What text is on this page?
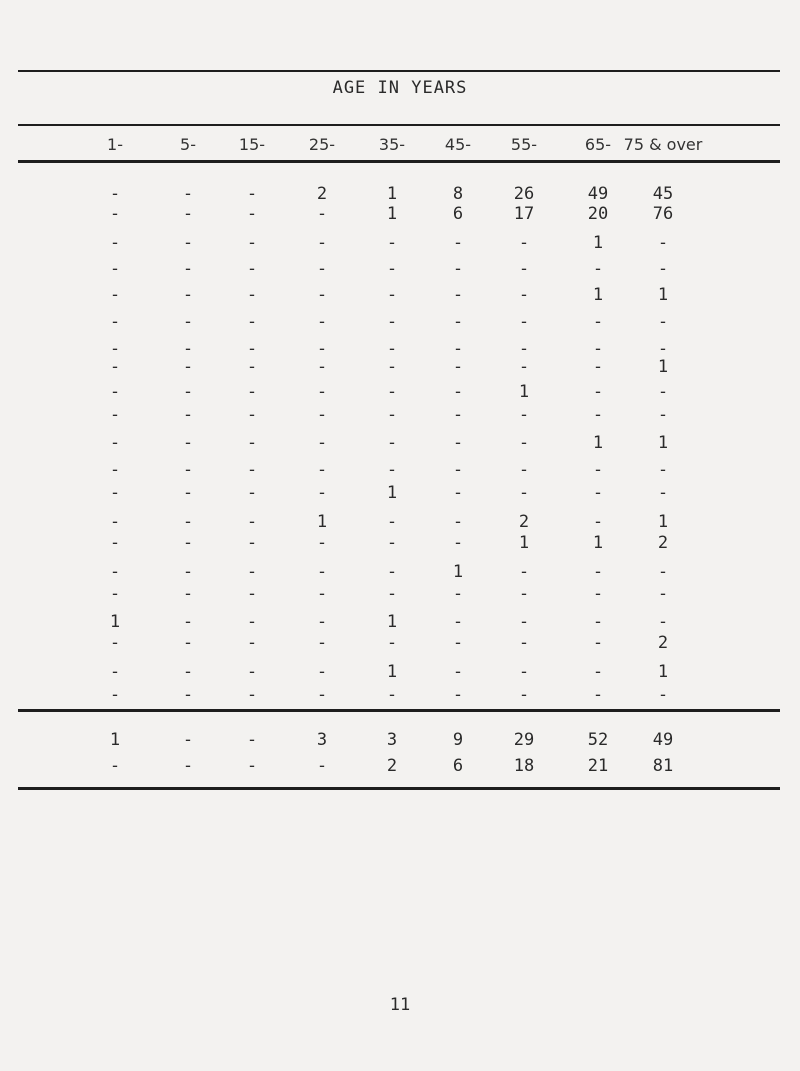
AGE IN YEARS
1-	5-	15-	25-	35-	45-	55-	65- 75 & over
-	-	-	2	1	8	26	49	45
-	-	-	-	1	6	17	20	76
-	-	-	-	-	-	-	1	-
-	-	-	-	-	-	-	-	-
-	-	-	-	-	-	-	1	1
-	-	-	-	-	-	-	-	-
-	-	-	-	-	-	-	-	-
-	-	-	-	-	-	-	-	1
-	-	-	-	-	-	1	-	-
-	-	-	-	-	-	-	-	-
-	-	-	-	-	-	-	1	1
-	-	-	-	-	-	-	-	-
-	-	-	-	1	-	-	-	-
-	-	-	1	-	-	2	-	1
-	-	-	-	-	-	1	1	2
-	-	-	-	-	1	-	-	-
-	-	-	-	-	-	-	-	-
1	-	-	-	1	-	-	-	-
-	-	-	-	-	-	-	-	2
-	-	-	-	1	-	-	-	1
-	-	-	-	-	-	-	-	-
1	-	-	3	3	9	29	52	49
-	-	-	-	2	6	18	21	81
11
